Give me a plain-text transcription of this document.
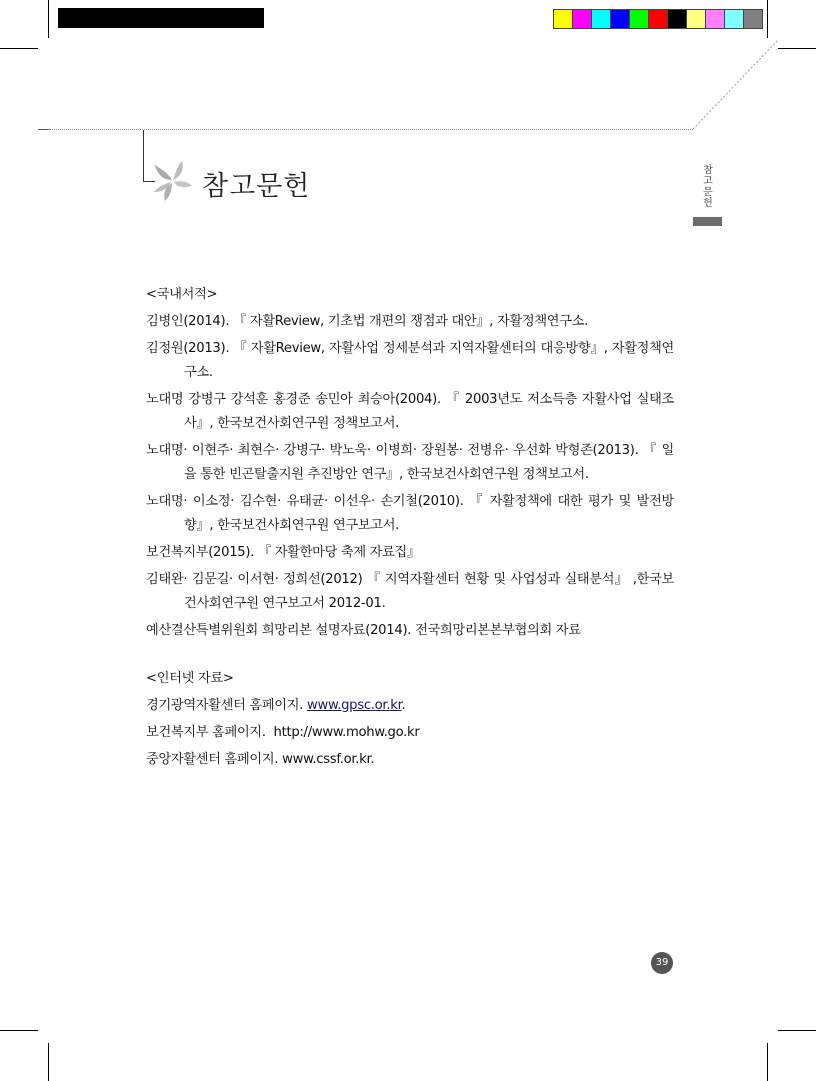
참고문헌
참고문헌
<국내서적>
김병인(2014). 『 자활Review, 기초법 개편의 쟁점과 대안』, 자활정책연구소.
김정원(2013). 『 자활Review, 자활사업 정세분석과 지역자활센터의 대응방향』, 자활정책연구소.
노대명 강병구 강석훈 홍경준 송민아 최승아(2004). 『 2003년도 저소득층 자활사업 실태조사』, 한국보건사회연구원 정책보고서.
노대명· 이현주· 최현수· 강병구· 박노욱· 이병희· 장원봉· 전병유· 우선화 박형존(2013). 『 일을 통한 빈곤탈출지원 추진방안 연구』, 한국보건사회연구원 정책보고서.
노대명· 이소정· 김수현· 유태균· 이선우· 손기철(2010). 『 자활정책에 대한 평가 및 발전방향』, 한국보건사회연구원 연구보고서.
보건복지부(2015). 『 자활한마당 축제 자료집』
김태완· 김문길· 이서현· 정희선(2012) 『 지역자활센터 현황 및 사업성과 실태분석』 ,한국보건사회연구원 연구보고서 2012-01.
예산결산특별위원회 희망리본 설명자료(2014). 전국희망리본본부협의회 자료
<인터넷 자료>
경기광역자활센터 홈페이지. www.gpsc.or.kr.
보건복지부 홈페이지. http://www.mohw.go.kr
중앙자활센터 홈페이지. www.cssf.or.kr.
39
